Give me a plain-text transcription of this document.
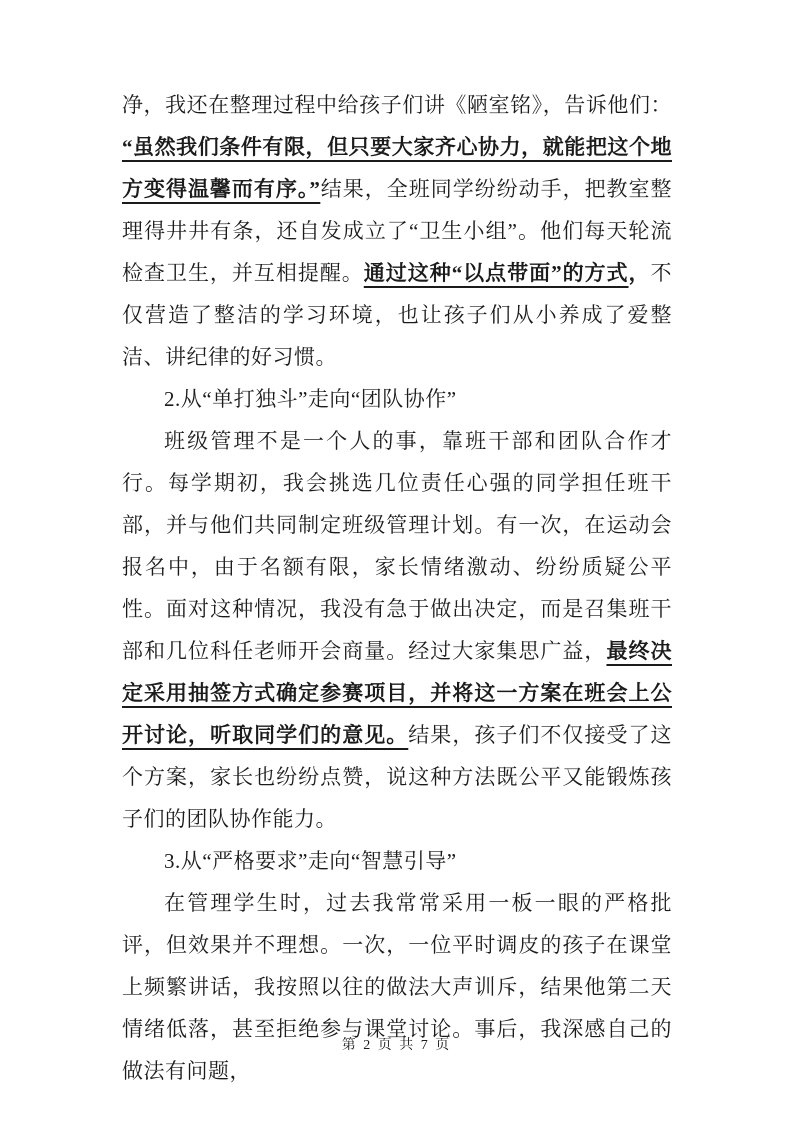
净，我还在整理过程中给孩子们讲《陋室铭》，告诉他们：“虽然我们条件有限，但只要大家齐心协力，就能把这个地方变得温馨而有序。”结果，全班同学纷纷动手，把教室整理得井井有条，还自发成立了“卫生小组”。他们每天轮流检查卫生，并互相提醒。通过这种“以点带面”的方式，不仅营造了整洁的学习环境，也让孩子们从小养成了爱整洁、讲纪律的好习惯。

2.从“单打独斗”走向“团队协作”

班级管理不是一个人的事，靠班干部和团队合作才行。每学期初，我会挑选几位责任心强的同学担任班干部，并与他们共同制定班级管理计划。有一次，在运动会报名中，由于名额有限，家长情绪激动、纷纷质疑公平性。面对这种情况，我没有急于做出决定，而是召集班干部和几位科任老师开会商量。经过大家集思广益，最终决定采用抽签方式确定参赛项目，并将这一方案在班会上公开讨论，听取同学们的意见。结果，孩子们不仅接受了这个方案，家长也纷纷点赞，说这种方法既公平又能锻炼孩子们的团队协作能力。

3.从“严格要求”走向“智慧引导”

在管理学生时，过去我常常采用一板一眼的严格批评，但效果并不理想。一次，一位平时调皮的孩子在课堂上频繁讲话，我按照以往的做法大声训斥，结果他第二天情绪低落，甚至拒绝参与课堂讨论。事后，我深感自己的做法有问题，

第 2 页 共 7 页
